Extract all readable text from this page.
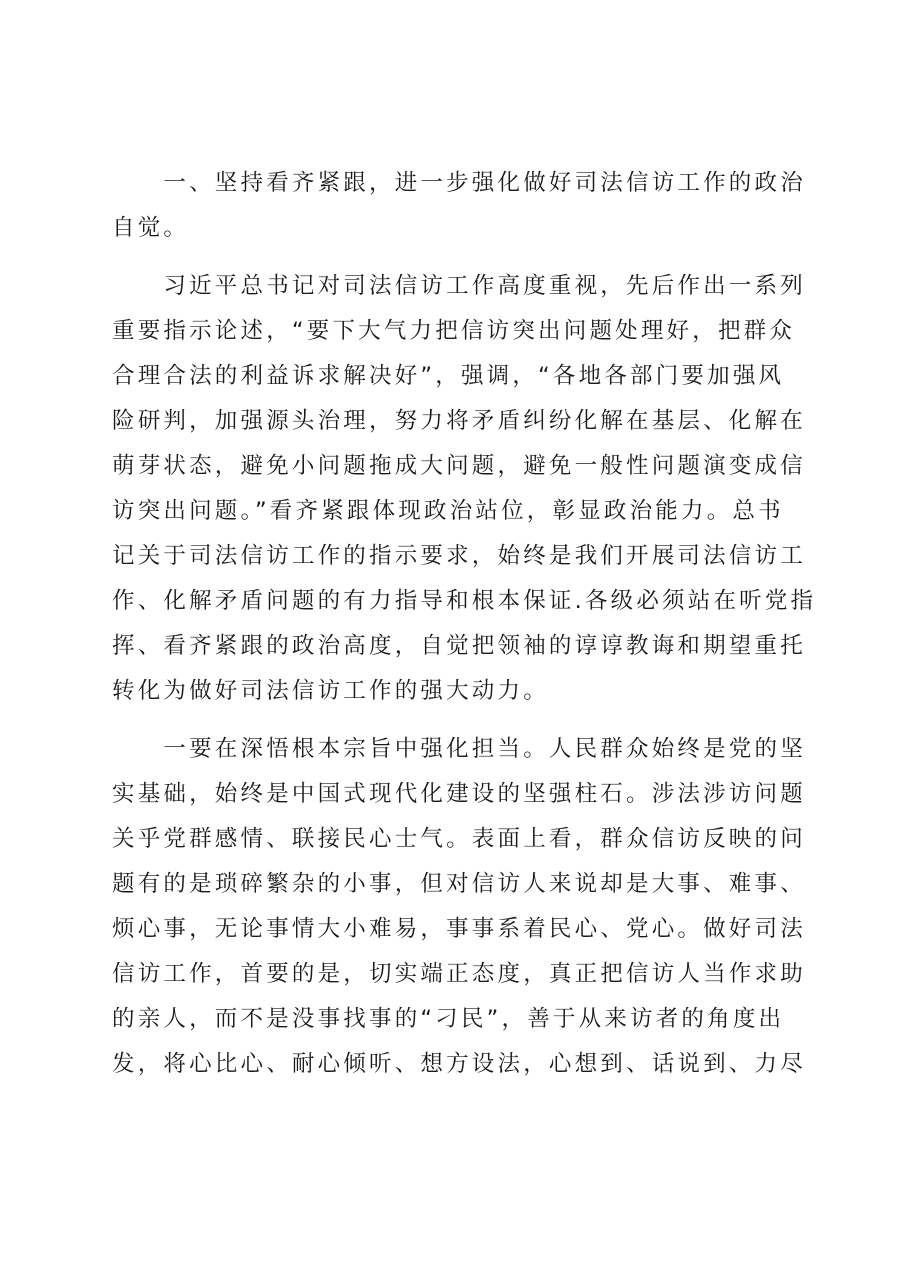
　　一、坚持看齐紧跟，进一步强化做好司法信访工作的政治
自觉。
　　习近平总书记对司法信访工作高度重视，先后作出一系列
重要指示论述，“要下大气力把信访突出问题处理好，把群众
合理合法的利益诉求解决好”，强调，“各地各部门要加强风
险研判，加强源头治理，努力将矛盾纠纷化解在基层、化解在
萌芽状态，避免小问题拖成大问题，避免一般性问题演变成信
访突出问题。”看齐紧跟体现政治站位，彰显政治能力。总书
记关于司法信访工作的指示要求，始终是我们开展司法信访工
作、化解矛盾问题的有力指导和根本保证.各级必须站在听党指
挥、看齐紧跟的政治高度，自觉把领袖的谆谆教诲和期望重托
转化为做好司法信访工作的强大动力。
　　一要在深悟根本宗旨中强化担当。人民群众始终是党的坚
实基础，始终是中国式现代化建设的坚强柱石。涉法涉访问题
关乎党群感情、联接民心士气。表面上看，群众信访反映的问
题有的是琐碎繁杂的小事，但对信访人来说却是大事、难事、
烦心事，无论事情大小难易，事事系着民心、党心。做好司法
信访工作，首要的是，切实端正态度，真正把信访人当作求助
的亲人，而不是没事找事的“刁民”，善于从来访者的角度出
发，将心比心、耐心倾听、想方设法，心想到、话说到、力尽
